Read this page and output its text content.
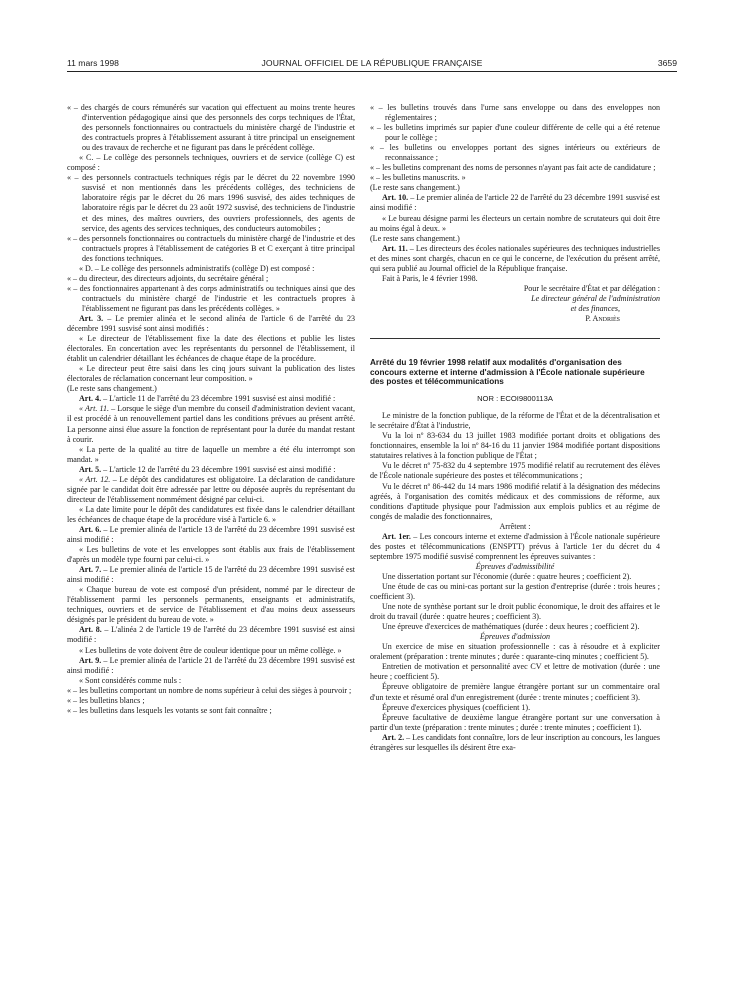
11 mars 1998	JOURNAL OFFICIEL DE LA RÉPUBLIQUE FRANÇAISE	3659

« – des chargés de cours rémunérés sur vacation qui effectuent au moins trente heures d'intervention pédagogique ainsi que des personnels des corps techniques de l'État, des personnels fonctionnaires ou contractuels du ministère chargé de l'industrie et des contractuels propres à l'établissement assurant à titre principal un enseignement ou des travaux de recherche et ne figurant pas dans le précédent collège.

« C. – Le collège des personnels techniques, ouvriers et de service (collège C) est composé :

« – des personnels contractuels techniques régis par le décret du 22 novembre 1990 susvisé et non mentionnés dans les précédents collèges, des techniciens de laboratoire régis par le décret du 26 mars 1996 susvisé, des aides techniques de laboratoire régis par le décret du 23 août 1972 susvisé, des techniciens de l'industrie et des mines, des maîtres ouvriers, des ouvriers professionnels, des agents de service, des agents des services techniques, des conducteurs automobiles ;

« – des personnels fonctionnaires ou contractuels du ministère chargé de l'industrie et des contractuels propres à l'établissement de catégories B et C exerçant à titre principal des fonctions techniques.

« D. – Le collège des personnels administratifs (collège D) est composé :

« – du directeur, des directeurs adjoints, du secrétaire général ;

« – des fonctionnaires appartenant à des corps administratifs ou techniques ainsi que des contractuels du ministère chargé de l'industrie et les contractuels propres à l'établissement ne figurant pas dans les précédents collèges. »

Art. 3. – Le premier alinéa et le second alinéa de l'article 6 de l'arrêté du 23 décembre 1991 susvisé sont ainsi modifiés :

« Le directeur de l'établissement fixe la date des élections et publie les listes électorales. En concertation avec les représentants du personnel de l'établissement, il établit un calendrier détaillant les échéances de chaque étape de la procédure.

« Le directeur peut être saisi dans les cinq jours suivant la publication des listes électorales de réclamation concernant leur composition. »

(Le reste sans changement.)

Art. 4. – L'article 11 de l'arrêté du 23 décembre 1991 susvisé est ainsi modifié :

« Art. 11. – Lorsque le siège d'un membre du conseil d'administration devient vacant, il est procédé à un renouvellement partiel dans les conditions prévues au présent arrêté. La personne ainsi élue assure la fonction de représentant pour la durée du mandat restant à courir.

« La perte de la qualité au titre de laquelle un membre a été élu interrompt son mandat. »

Art. 5. – L'article 12 de l'arrêté du 23 décembre 1991 susvisé est ainsi modifié :

« Art. 12. – Le dépôt des candidatures est obligatoire. La déclaration de candidature signée par le candidat doit être adressée par lettre ou déposée auprès du représentant du directeur de l'établissement nommément désigné par celui-ci.

« La date limite pour le dépôt des candidatures est fixée dans le calendrier détaillant les échéances de chaque étape de la procédure visé à l'article 6. »

Art. 6. – Le premier alinéa de l'article 13 de l'arrêté du 23 décembre 1991 susvisé est ainsi modifié :

« Les bulletins de vote et les enveloppes sont établis aux frais de l'établissement d'après un modèle type fourni par celui-ci. »

Art. 7. – Le premier alinéa de l'article 15 de l'arrêté du 23 décembre 1991 susvisé est ainsi modifié :

« Chaque bureau de vote est composé d'un président, nommé par le directeur de l'établissement parmi les personnels permanents, enseignants et administratifs, techniques, ouvriers et de service de l'établissement et d'au moins deux assesseurs désignés par le président du bureau de vote. »

Art. 8. – L'alinéa 2 de l'article 19 de l'arrêté du 23 décembre 1991 susvisé est ainsi modifié :

« Les bulletins de vote doivent être de couleur identique pour un même collège. »

Art. 9. – Le premier alinéa de l'article 21 de l'arrêté du 23 décembre 1991 susvisé est ainsi modifié :

« Sont considérés comme nuls :

« – les bulletins comportant un nombre de noms supérieur à celui des sièges à pourvoir ;

« – les bulletins blancs ;

« – les bulletins dans lesquels les votants se sont fait connaître ;

« – les bulletins trouvés dans l'urne sans enveloppe ou dans des enveloppes non réglementaires ;

« – les bulletins imprimés sur papier d'une couleur différente de celle qui a été retenue pour le collège ;

« – les bulletins ou enveloppes portant des signes intérieurs ou extérieurs de reconnaissance ;

« – les bulletins comprenant des noms de personnes n'ayant pas fait acte de candidature ;

« – les bulletins manuscrits. »

(Le reste sans changement.)

Art. 10. – Le premier alinéa de l'article 22 de l'arrêté du 23 décembre 1991 susvisé est ainsi modifié :

« Le bureau désigne parmi les électeurs un certain nombre de scrutateurs qui doit être au moins égal à deux. »

(Le reste sans changement.)

Art. 11. – Les directeurs des écoles nationales supérieures des techniques industrielles et des mines sont chargés, chacun en ce qui le concerne, de l'exécution du présent arrêté, qui sera publié au Journal officiel de la République française.

Fait à Paris, le 4 février 1998.

Pour le secrétaire d'État et par délégation :

Le directeur général de l'administration

et des finances,

P. Andriès

Arrêté du 19 février 1998 relatif aux modalités d'organisation des concours externe et interne d'admission à l'École nationale supérieure des postes et télécommunications

NOR : ECOI9800113A

Le ministre de la fonction publique, de la réforme de l'État et de la décentralisation et le secrétaire d'État à l'industrie,

Vu la loi nº 83-634 du 13 juillet 1983 modifiée portant droits et obligations des fonctionnaires, ensemble la loi nº 84-16 du 11 janvier 1984 modifiée portant dispositions statutaires relatives à la fonction publique de l'État ;

Vu le décret nº 75-832 du 4 septembre 1975 modifié relatif au recrutement des élèves de l'École nationale supérieure des postes et télécommunications ;

Vu le décret nº 86-442 du 14 mars 1986 modifié relatif à la désignation des médecins agréés, à l'organisation des comités médicaux et des commissions de réforme, aux conditions d'aptitude physique pour l'admission aux emplois publics et au régime de congés de maladie des fonctionnaires,

Arrêtent :

Art. 1er. – Les concours interne et externe d'admission à l'École nationale supérieure des postes et télécommunications (ENSPTT) prévus à l'article 1er du décret du 4 septembre 1975 modifié susvisé comprennent les épreuves suivantes :

Épreuves d'admissibilité

Une dissertation portant sur l'économie (durée : quatre heures ; coefficient 2).

Une étude de cas ou mini-cas portant sur la gestion d'entreprise (durée : trois heures ; coefficient 3).

Une note de synthèse portant sur le droit public économique, le droit des affaires et le droit du travail (durée : quatre heures ; coefficient 3).

Une épreuve d'exercices de mathématiques (durée : deux heures ; coefficient 2).

Épreuves d'admission

Un exercice de mise en situation professionnelle : cas à résoudre et à expliciter oralement (préparation : trente minutes ; durée : quarante-cinq minutes ; coefficient 5).

Entretien de motivation et personnalité avec CV et lettre de motivation (durée : une heure ; coefficient 5).

Épreuve obligatoire de première langue étrangère portant sur un commentaire oral d'un texte et résumé oral d'un enregistrement (durée : trente minutes ; coefficient 3).

Épreuve d'exercices physiques (coefficient 1).

Épreuve facultative de deuxième langue étrangère portant sur une conversation à partir d'un texte (préparation : trente minutes ; durée : trente minutes ; coefficient 1).

Art. 2. – Les candidats font connaître, lors de leur inscription au concours, les langues étrangères sur lesquelles ils désirent être exa-
